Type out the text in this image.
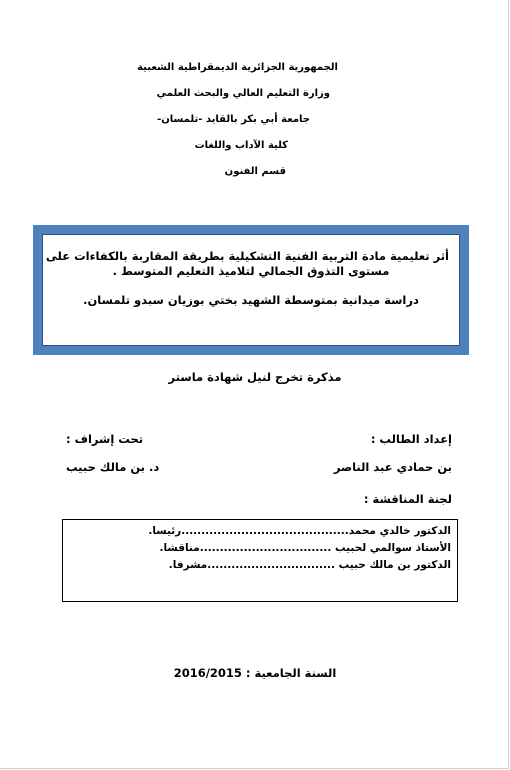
الجمهورية الجزائرية الديمقراطية الشعبية

وزارة التعليم العالي والبحث العلمي

جامعة أبي بكر بالقايد -تلمسان-

كلية الآداب واللغات

قسم الفنون

أثر تعليمية مادة التربية الفنية التشكيلية بطريقة المقاربة بالكفاءات على

مستوى التذوق الجمالي لتلاميذ التعليم المتوسط .

دراسة ميدانية بمتوسطة الشهيد بختي بوزيان سبدو تلمسان.

مذكرة تخرج لنيل شهادة ماستر
إعداد الطالب :
تحت إشراف :
بن حمادي عبد الناصر
د. بن مالك حبيب
لجنة المناقشة :

الدكتور خالدي محمد..........................................رئيسا.

الأستاذ سوالمي لحبيب .................................مناقشا.

الدكتور بن مالك حبيب ................................مشرفا.

السنة الجامعية : 2016/2015
